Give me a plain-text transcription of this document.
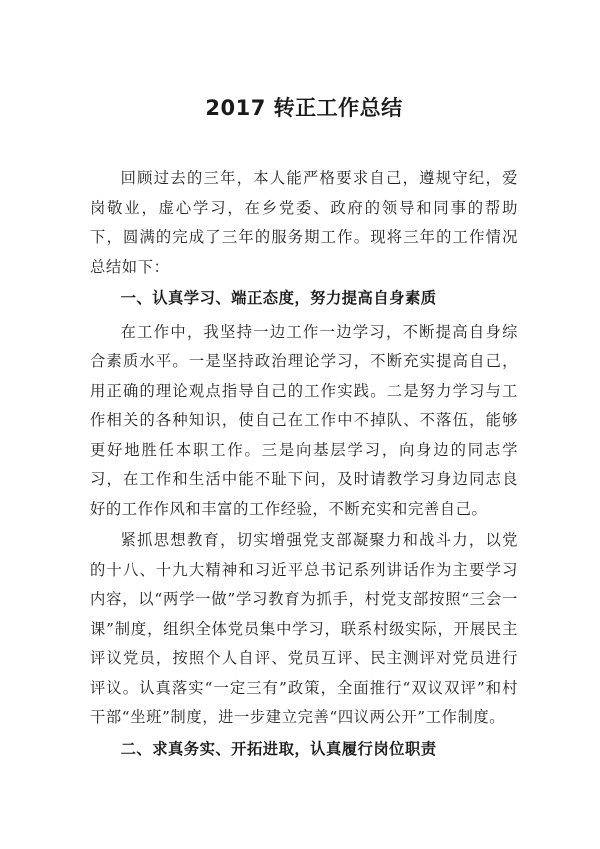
2017 转正工作总结

回顾过去的三年，本人能严格要求自己，遵规守纪，爱岗敬业，虚心学习，在乡党委、政府的领导和同事的帮助下，圆满的完成了三年的服务期工作。现将三年的工作情况总结如下：

一、认真学习、端正态度，努力提高自身素质

在工作中，我坚持一边工作一边学习，不断提高自身综合素质水平。一是坚持政治理论学习，不断充实提高自己，用正确的理论观点指导自己的工作实践。二是努力学习与工作相关的各种知识，使自己在工作中不掉队、不落伍，能够更好地胜任本职工作。三是向基层学习，向身边的同志学习，在工作和生活中能不耻下问，及时请教学习身边同志良好的工作作风和丰富的工作经验，不断充实和完善自己。

紧抓思想教育，切实增强党支部凝聚力和战斗力，以党的十八、十九大精神和习近平总书记系列讲话作为主要学习内容，以“两学一做”学习教育为抓手，村党支部按照“三会一课”制度，组织全体党员集中学习，联系村级实际，开展民主评议党员，按照个人自评、党员互评、民主测评对党员进行评议。认真落实“一定三有”政策，全面推行“双议双评”和村干部“坐班”制度，进一步建立完善“四议两公开”工作制度。

二、求真务实、开拓进取，认真履行岗位职责
